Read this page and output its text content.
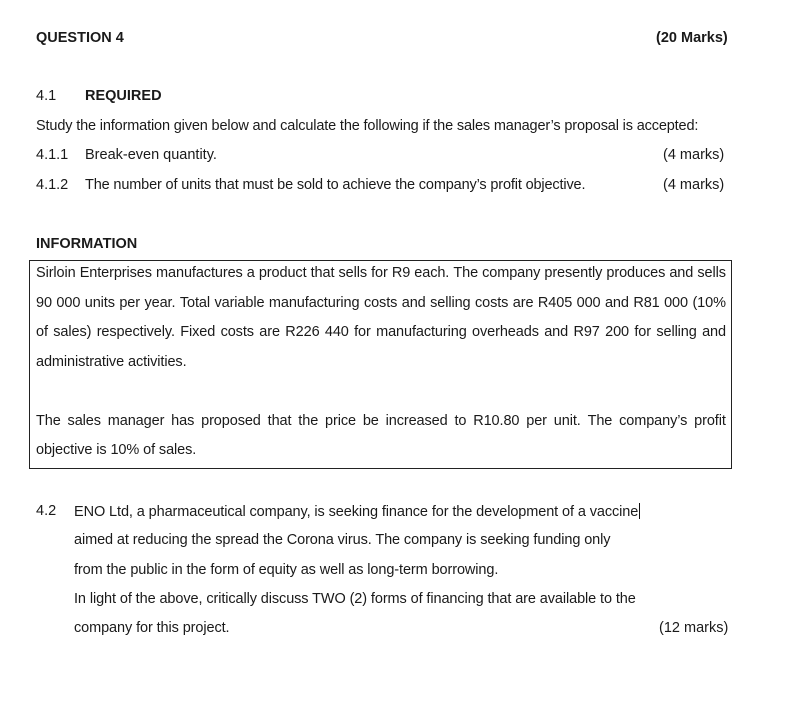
QUESTION 4	(20 Marks)
4.1 REQUIRED
Study the information given below and calculate the following if the sales manager’s proposal is accepted:
4.1.1 Break-even quantity.	(4 marks)
4.1.2 The number of units that must be sold to achieve the company’s profit objective.	(4 marks)
INFORMATION
Sirloin Enterprises manufactures a product that sells for R9 each. The company presently produces and sells
90 000 units per year. Total variable manufacturing costs and selling costs are R405 000 and R81 000 (10%
of sales) respectively. Fixed costs are R226 440 for manufacturing overheads and R97 200 for selling and
administrative activities.
The sales manager has proposed that the price be increased to R10.80 per unit. The company’s profit
objective is 10% of sales.
4.2 ENO Ltd, a pharmaceutical company, is seeking finance for the development of a vaccine
aimed at reducing the spread the Corona virus. The company is seeking funding only
from the public in the form of equity as well as long-term borrowing.
In light of the above, critically discuss TWO (2) forms of financing that are available to the
company for this project.	(12 marks)
